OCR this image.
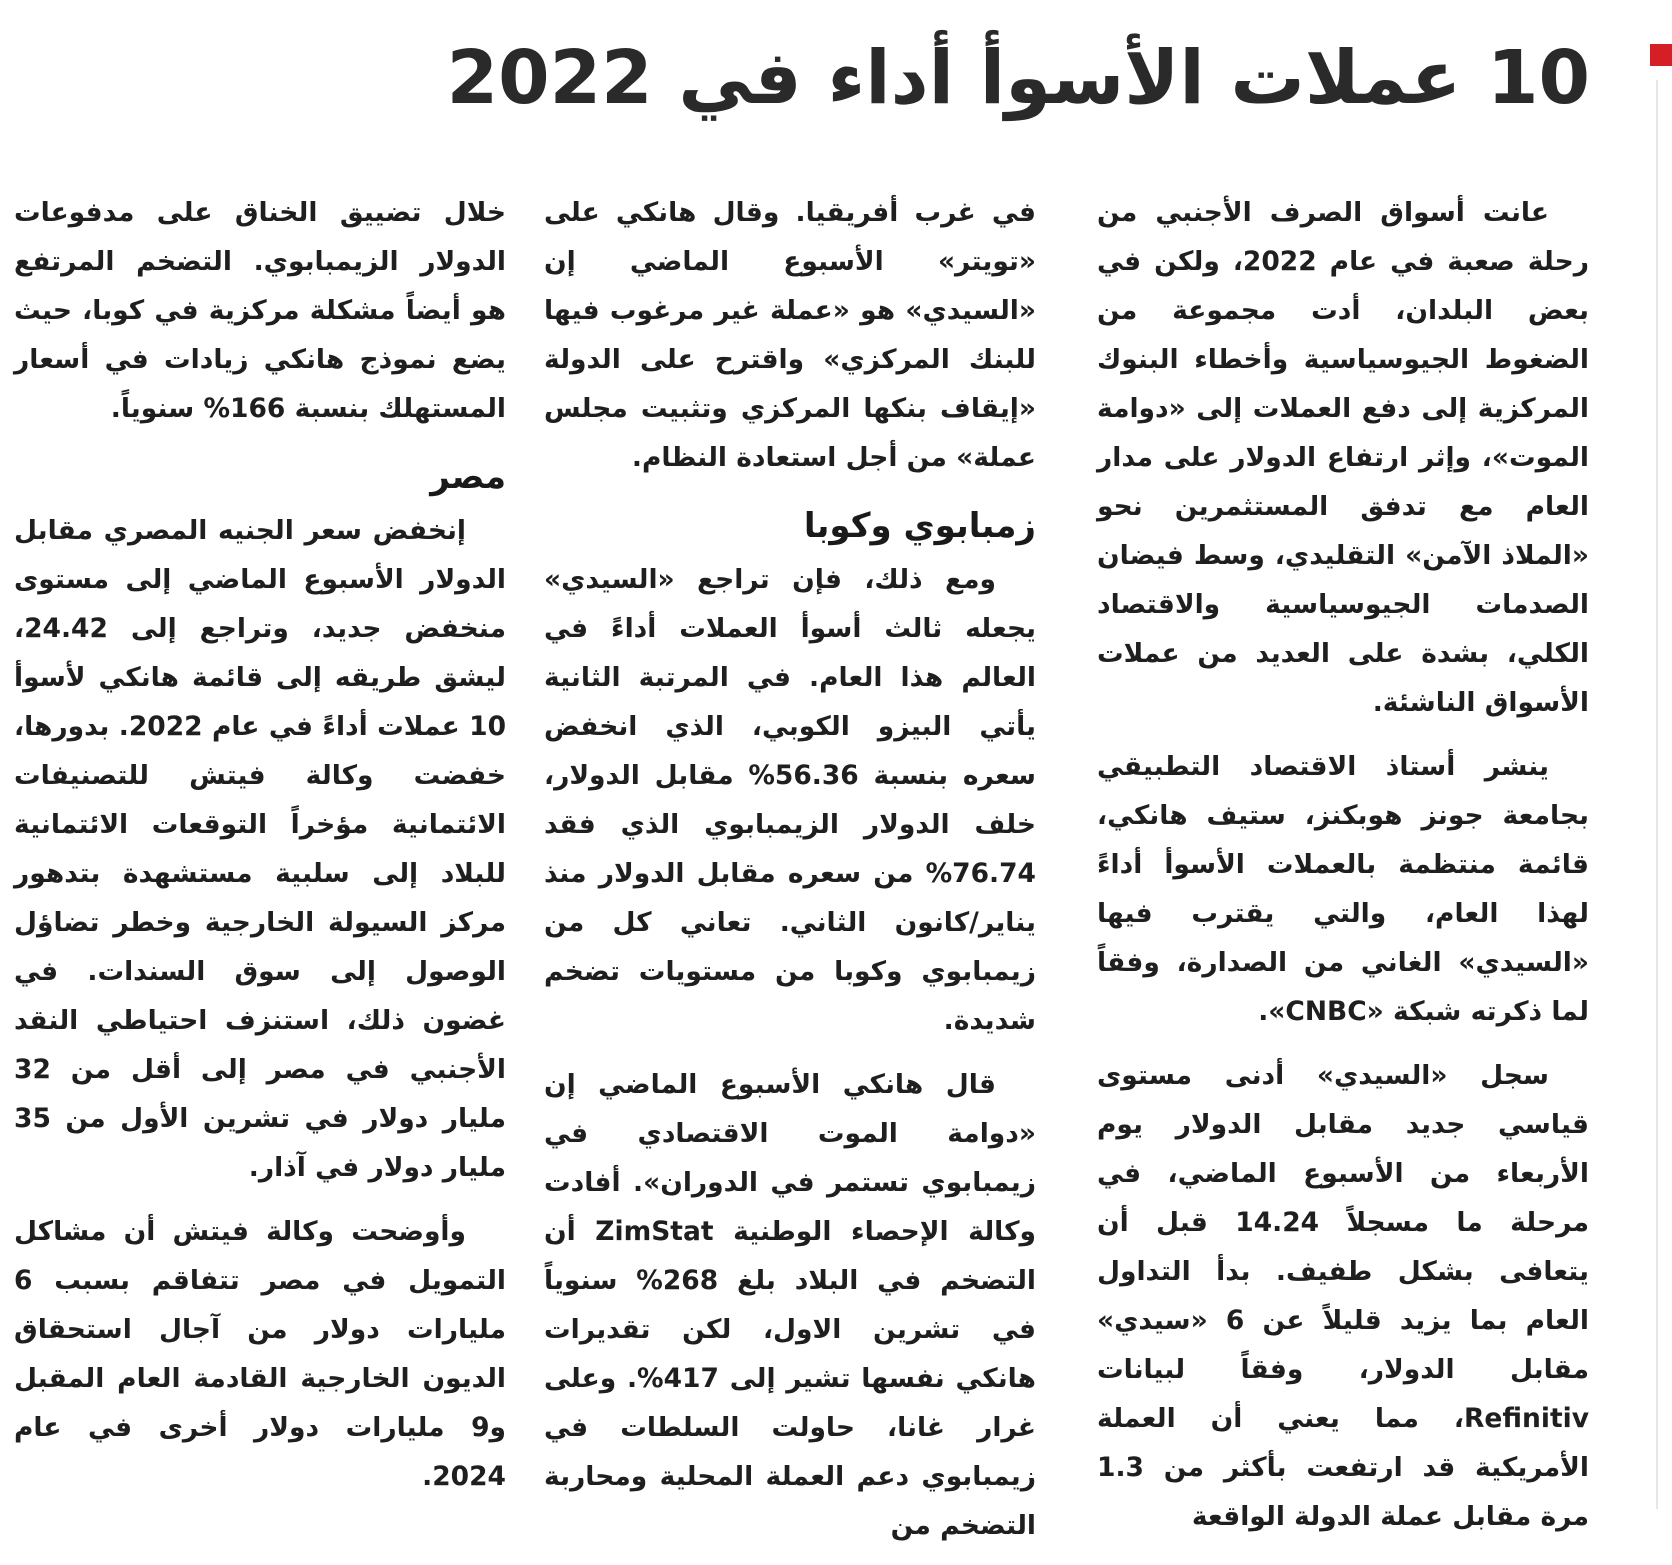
10 عملات الأسوأ أداء في 2022

عانت أسواق الصرف الأجنبي من رحلة صعبة في عام 2022، ولكن في بعض البلدان، أدت مجموعة من الضغوط الجيوسياسية وأخطاء البنوك المركزية إلى دفع العملات إلى «دوامة الموت»، وإثر ارتفاع الدولار على مدار العام مع تدفق المستثمرين نحو «الملاذ الآمن» التقليدي، وسط فيضان الصدمات الجيوسياسية والاقتصاد الكلي، بشدة على العديد من عملات الأسواق الناشئة.

ينشر أستاذ الاقتصاد التطبيقي بجامعة جونز هوبكنز، ستيف هانكي، قائمة منتظمة بالعملات الأسوأ أداءً لهذا العام، والتي يقترب فيها «السيدي» الغاني من الصدارة، وفقاً لما ذكرته شبكة «CNBC».

سجل «السيدي» أدنى مستوى قياسي جديد مقابل الدولار يوم الأربعاء من الأسبوع الماضي، في مرحلة ما مسجلاً 14.24 قبل أن يتعافى بشكل طفيف. بدأ التداول العام بما يزيد قليلاً عن 6 «سيدي» مقابل الدولار، وفقاً لبيانات Refinitiv، مما يعني أن العملة الأمريكية قد ارتفعت بأكثر من 1.3 مرة مقابل عملة الدولة الواقعة

في غرب أفريقيا. وقال هانكي على «تويتر» الأسبوع الماضي إن «السيدي» هو «عملة غير مرغوب فيها للبنك المركزي» واقترح على الدولة «إيقاف بنكها المركزي وتثبيت مجلس عملة» من أجل استعادة النظام.

زمبابوي وكوبا

ومع ذلك، فإن تراجع «السيدي» يجعله ثالث أسوأ العملات أداءً في العالم هذا العام. في المرتبة الثانية يأتي البيزو الكوبي، الذي انخفض سعره بنسبة 56.36% مقابل الدولار، خلف الدولار الزيمبابوي الذي فقد 76.74% من سعره مقابل الدولار منذ يناير/كانون الثاني. تعاني كل من زيمبابوي وكوبا من مستويات تضخم شديدة.

قال هانكي الأسبوع الماضي إن «دوامة الموت الاقتصادي في زيمبابوي تستمر في الدوران». أفادت وكالة الإحصاء الوطنية ZimStat أن التضخم في البلاد بلغ 268% سنوياً في تشرين الاول، لكن تقديرات هانكي نفسها تشير إلى 417%. وعلى غرار غانا، حاولت السلطات في زيمبابوي دعم العملة المحلية ومحاربة التضخم من

خلال تضييق الخناق على مدفوعات الدولار الزيمبابوي. التضخم المرتفع هو أيضاً مشكلة مركزية في كوبا، حيث يضع نموذج هانكي زيادات في أسعار المستهلك بنسبة 166% سنوياً.

مصر

إنخفض سعر الجنيه المصري مقابل الدولار الأسبوع الماضي إلى مستوى منخفض جديد، وتراجع إلى 24.42، ليشق طريقه إلى قائمة هانكي لأسوأ 10 عملات أداءً في عام 2022. بدورها، خفضت وكالة فيتش للتصنيفات الائتمانية مؤخراً التوقعات الائتمانية للبلاد إلى سلبية مستشهدة بتدهور مركز السيولة الخارجية وخطر تضاؤل الوصول إلى سوق السندات. في غضون ذلك، استنزف احتياطي النقد الأجنبي في مصر إلى أقل من 32 مليار دولار في تشرين الأول من 35 مليار دولار في آذار.

وأوضحت وكالة فيتش أن مشاكل التمويل في مصر تتفاقم بسبب 6 مليارات دولار من آجال استحقاق الديون الخارجية القادمة العام المقبل و9 مليارات دولار أخرى في عام 2024.
